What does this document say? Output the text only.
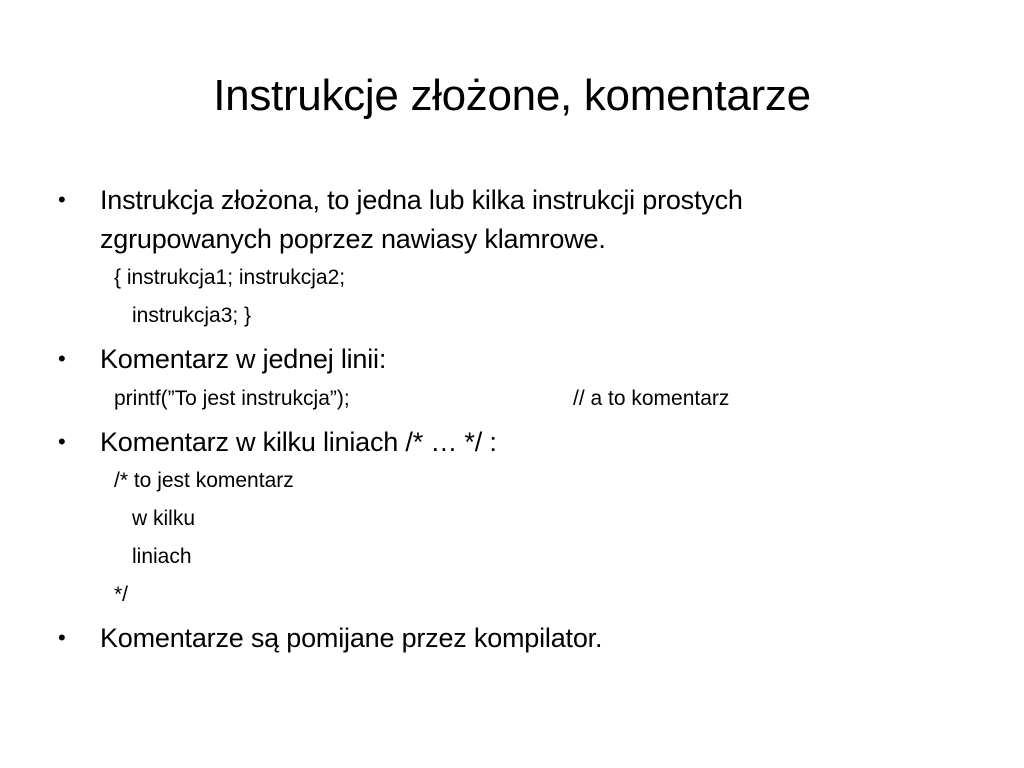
Instrukcje złożone, komentarze
• Instrukcja złożona, to jedna lub kilka instrukcji prostych
zgrupowanych poprzez nawiasy klamrowe.
{ instrukcja1; instrukcja2;
instrukcja3; }
• Komentarz w jednej linii:
printf(”To jest instrukcja”);	// a to komentarz
• Komentarz w kilku liniach /* … */ :
/* to jest komentarz
w kilku
liniach
*/
• Komentarze są pomijane przez kompilator.
